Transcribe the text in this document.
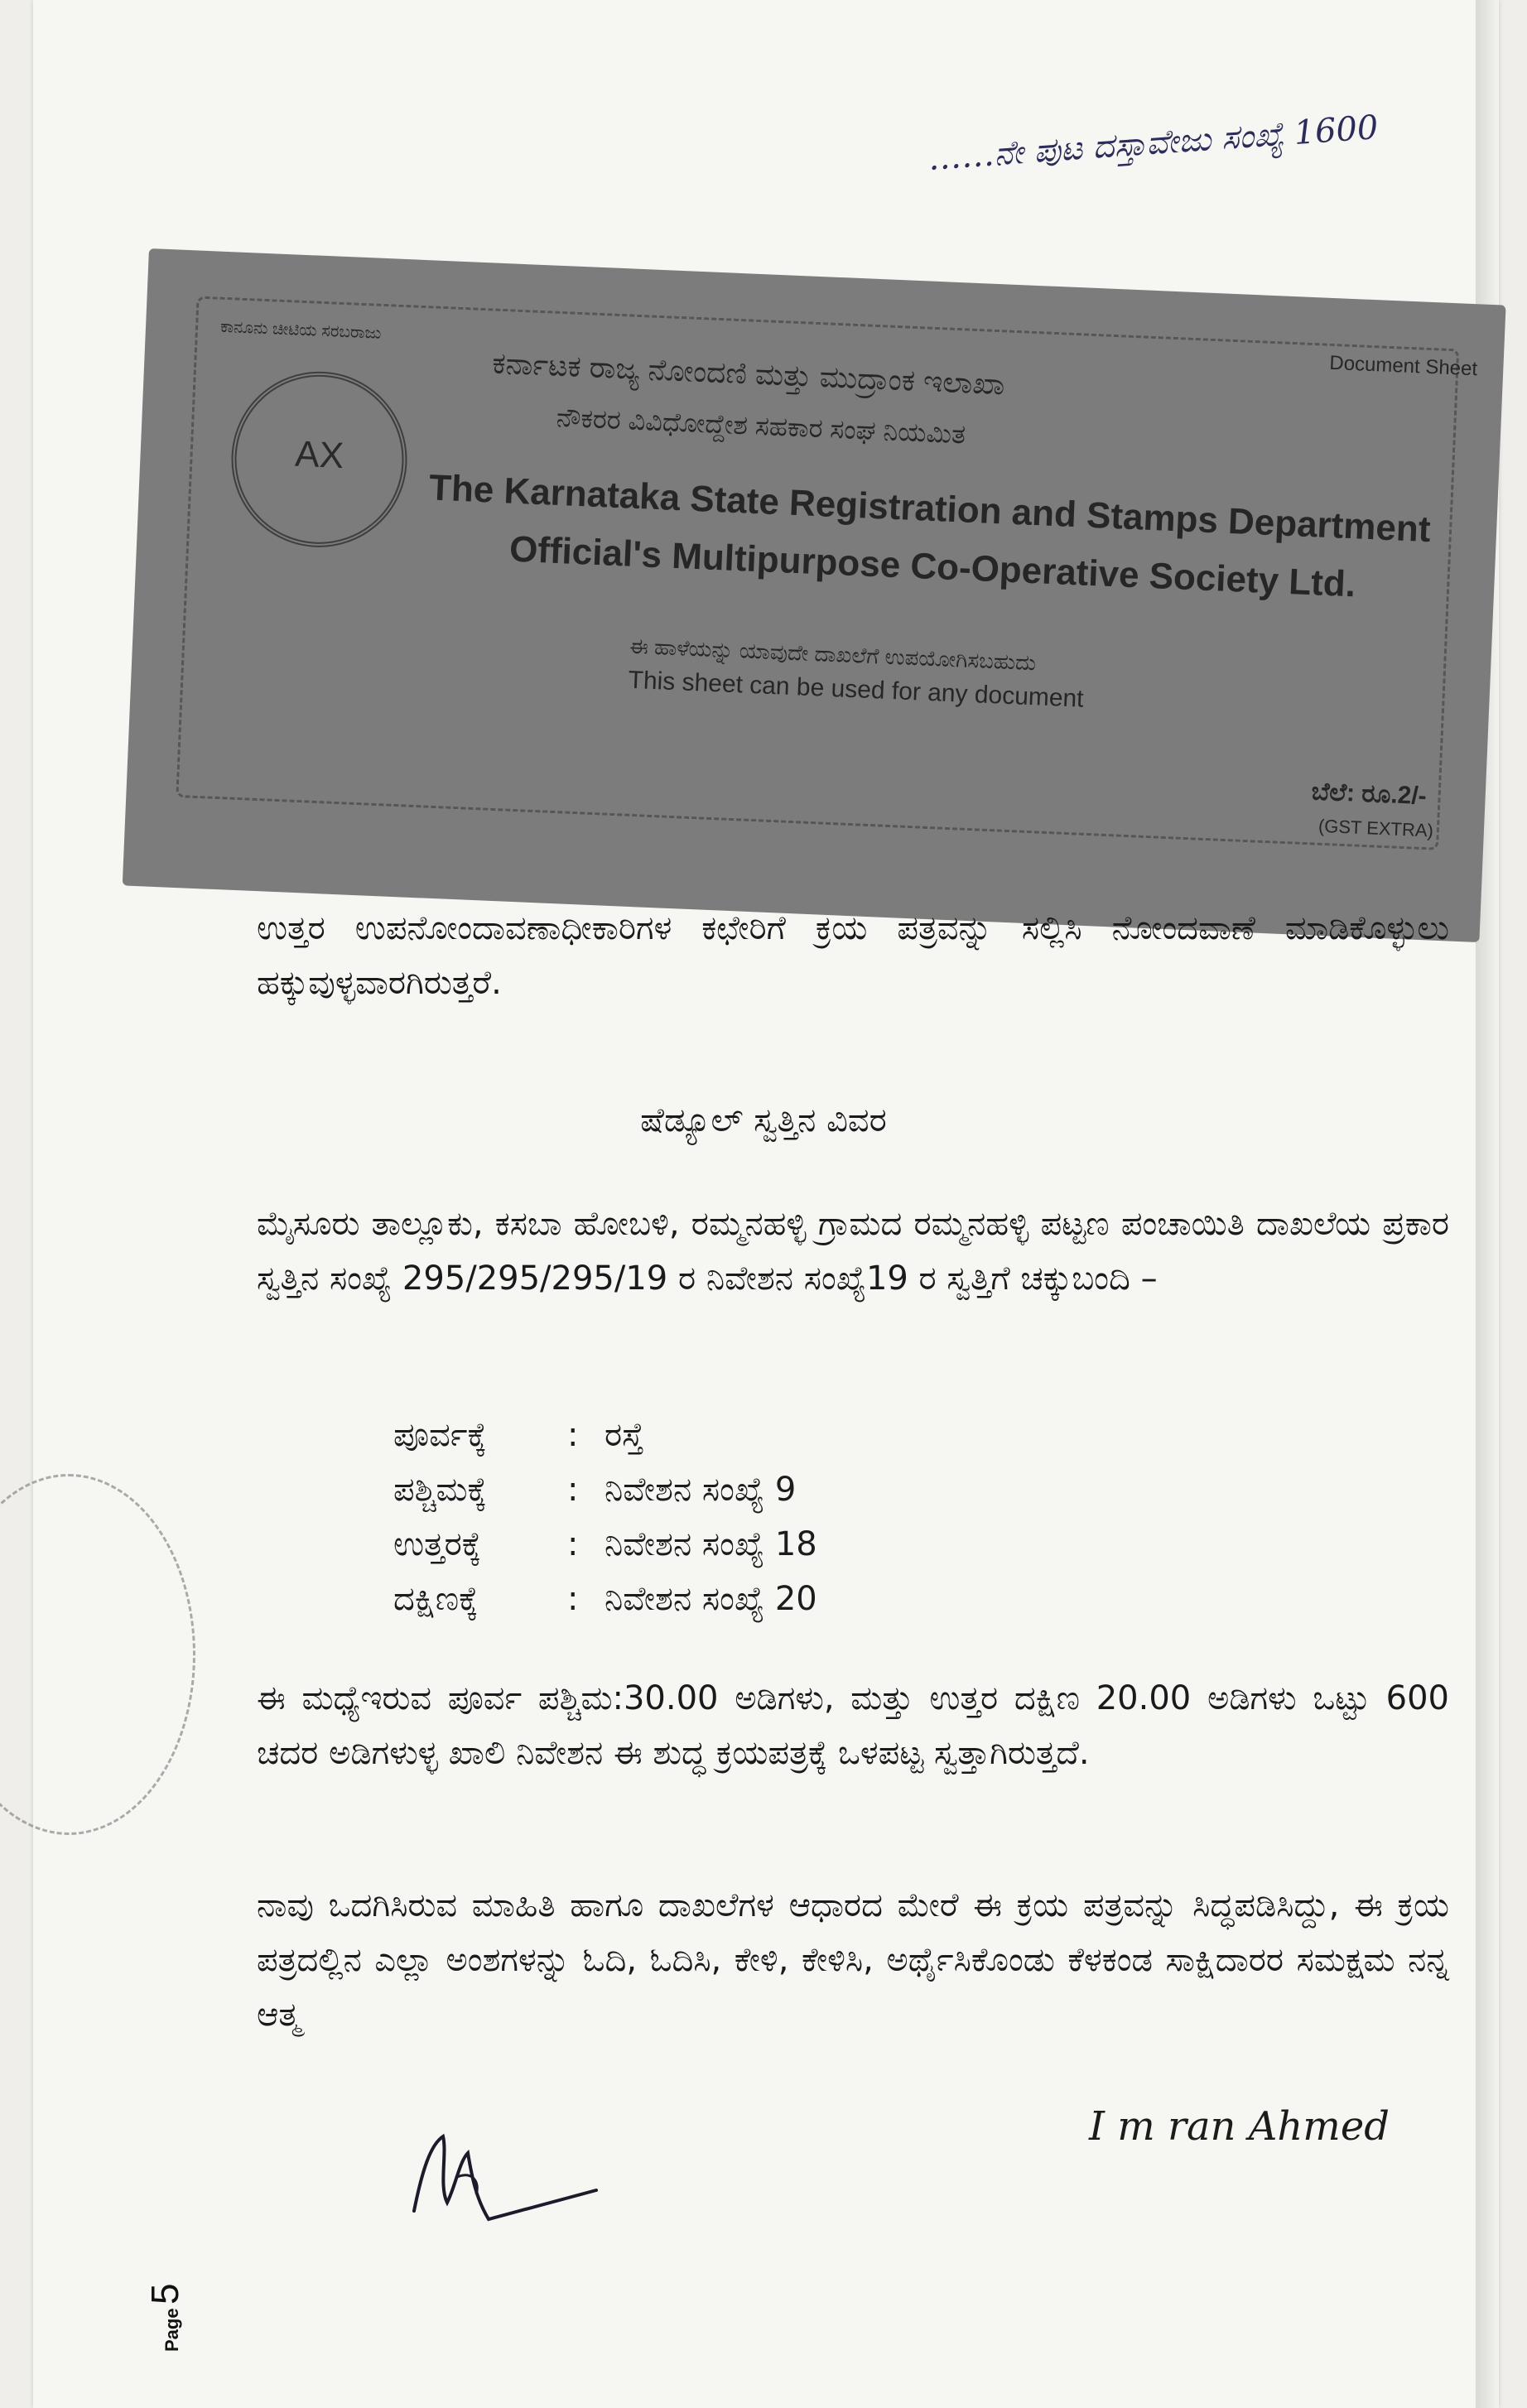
……ನೇ ಪುಟ ದಸ್ತಾವೇಜು ಸಂಖ್ಯೆ 1600
ಕಾನೂನು ಚೀಟಿಯ ಸರಬರಾಜು
Document Sheet
AX
ಕರ್ನಾಟಕ ರಾಜ್ಯ ನೋಂದಣಿ ಮತ್ತು ಮುದ್ರಾಂಕ ಇಲಾಖಾ
ನೌಕರರ ವಿವಿಧೋದ್ದೇಶ ಸಹಕಾರ ಸಂಘ ನಿಯಮಿತ
The Karnataka State Registration and Stamps Department
Official's Multipurpose Co-Operative Society Ltd.
ಈ ಹಾಳೆಯನ್ನು ಯಾವುದೇ ದಾಖಲೆಗೆ ಉಪಯೋಗಿಸಬಹುದು
This sheet can be used for any document
ಬೆಲೆ: ರೂ.2/-
(GST EXTRA)
ಉತ್ತರ ಉಪನೋಂದಾವಣಾಧೀಕಾರಿಗಳ ಕಛೇರಿಗೆ ಕ್ರಯ ಪತ್ರವನ್ನು ಸಲ್ಲಿಸಿ ನೋಂದವಾಣೆ ಮಾಡಿಕೊಳ್ಳುಲು ಹಕ್ಕುವುಳ್ಳವಾರಗಿರುತ್ತರೆ.
ಷೆಡ್ಯೂಲ್ ಸ್ವತ್ತಿನ ವಿವರ
ಮೈಸೂರು ತಾಲ್ಲೂಕು, ಕಸಬಾ ಹೋಬಳಿ, ರಮ್ಮನಹಳ್ಳಿ ಗ್ರಾಮದ ರಮ್ಮನಹಳ್ಳಿ ಪಟ್ಟಣ ಪಂಚಾಯಿತಿ ದಾಖಲೆಯ ಪ್ರಕಾರ ಸ್ವತ್ತಿನ ಸಂಖ್ಯೆ 295/295/295/19 ರ ನಿವೇಶನ ಸಂಖ್ಯೆ19 ರ ಸ್ವತ್ತಿಗೆ ಚಕ್ಕುಬಂದಿ –
ಪೂರ್ವಕ್ಕೆ	: ರಸ್ತೆ
ಪಶ್ಚಿಮಕ್ಕೆ	: ನಿವೇಶನ ಸಂಖ್ಯೆ 9
ಉತ್ತರಕ್ಕೆ	: ನಿವೇಶನ ಸಂಖ್ಯೆ 18
ದಕ್ಷಿಣಕ್ಕೆ	: ನಿವೇಶನ ಸಂಖ್ಯೆ 20
ಈ ಮಧ್ಯೆಇರುವ ಪೂರ್ವ ಪಶ್ಚಿಮ:30.00 ಅಡಿಗಳು, ಮತ್ತು ಉತ್ತರ ದಕ್ಷಿಣ 20.00 ಅಡಿಗಳು ಒಟ್ಟು 600 ಚದರ ಅಡಿಗಳುಳ್ಳ ಖಾಲಿ ನಿವೇಶನ ಈ ಶುದ್ಧ ಕ್ರಯಪತ್ರಕ್ಕೆ ಒಳಪಟ್ಟ ಸ್ವತ್ತಾಗಿರುತ್ತದೆ.
ನಾವು ಒದಗಿಸಿರುವ ಮಾಹಿತಿ ಹಾಗೂ ದಾಖಲೆಗಳ ಆಧಾರದ ಮೇರೆ ಈ ಕ್ರಯ ಪತ್ರವನ್ನು ಸಿದ್ಧಪಡಿಸಿದ್ದು, ಈ ಕ್ರಯ ಪತ್ರದಲ್ಲಿನ ಎಲ್ಲಾ ಅಂಶಗಳನ್ನು ಓದಿ, ಓದಿಸಿ, ಕೇಳಿ, ಕೇಳಿಸಿ, ಅರ್ಥೈಸಿಕೊಂಡು ಕೆಳಕಂಡ ಸಾಕ್ಷಿದಾರರ ಸಮಕ್ಷಮ ನನ್ನ ಆತ್ಮ
I m ran Ahmed
Page 5
